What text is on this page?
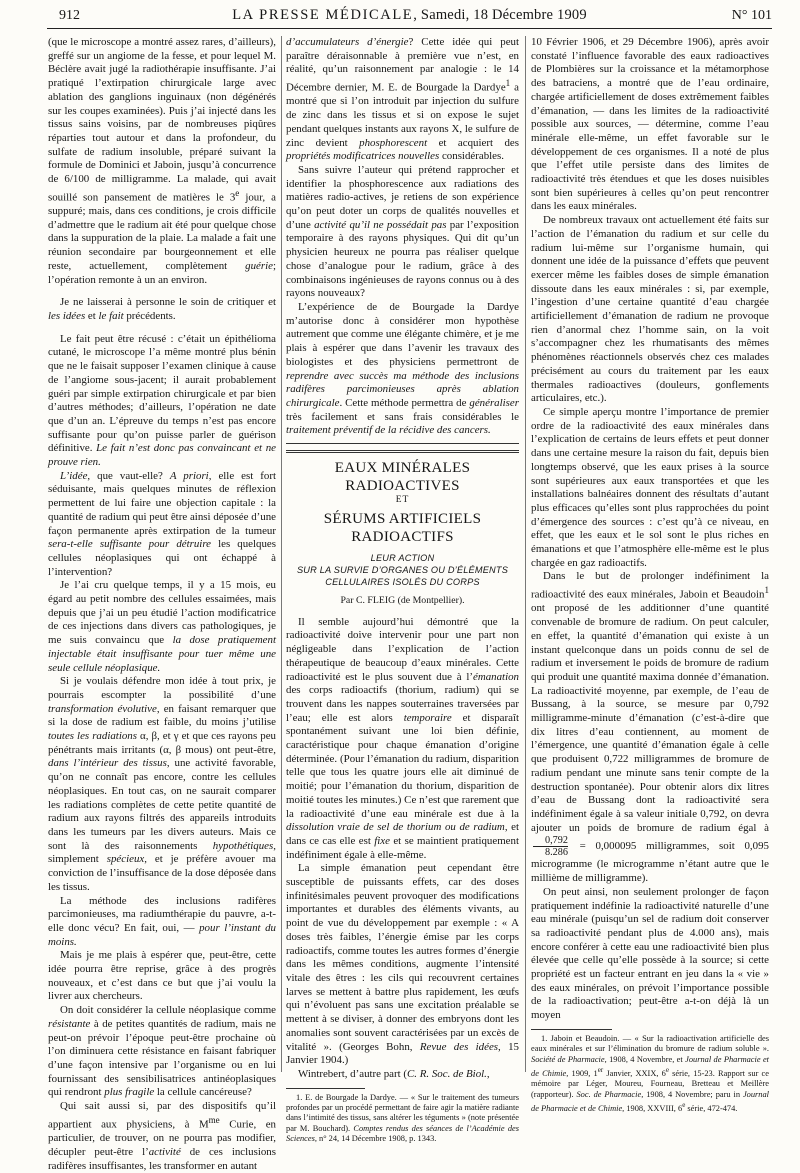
912	LA PRESSE MÉDICALE, Samedi, 18 Décembre 1909	N° 101

(que le microscope a montré assez rares, d’ailleurs), greffé sur un angiome de la fesse, et pour lequel M. Béclère avait jugé la radiothérapie insuffisante. J’ai pratiqué l’extirpation chirurgicale large avec ablation des ganglions inguinaux (non dégénérés sur les coupes examinées). Puis j’ai injecté dans les tissus sains voisins, par de nombreuses piqûres réparties tout autour et dans la profondeur, du sulfate de radium insoluble, préparé suivant la formule de Dominici et Jaboin, jusqu’à concurrence de 6/100 de milligramme. La malade, qui avait souillé son pansement de matières le 3e jour, a suppuré; mais, dans ces conditions, je crois difficile d’admettre que le radium ait été pour quelque chose dans la suppuration de la plaie. La malade a fait une réunion secondaire par bourgeonnement et elle reste, actuellement, complètement guérie; l’opération remonte à un an environ.

Je ne laisserai à personne le soin de critiquer et les idées et le fait précédents.

Le fait peut être récusé : c’était un épithélioma cutané, le microscope l’a même montré plus bénin que ne le faisait supposer l’examen clinique à cause de l’angiome sous-jacent; il aurait probablement guéri par simple extirpation chirurgicale et par bien d’autres méthodes; d’ailleurs, l’opération ne date que d’un an. L’épreuve du temps n’est pas encore suffisante pour qu’on puisse parler de guérison définitive. Le fait n’est donc pas convaincant et ne prouve rien.

L’idée, que vaut-elle? A priori, elle est fort séduisante, mais quelques minutes de réflexion permettent de lui faire une objection capitale : la quantité de radium qui peut être ainsi déposée d’une façon permanente après extirpation de la tumeur sera-t-elle suffisante pour détruire les quelques cellules néoplasiques qui ont échappé à l’intervention?

Je l’ai cru quelque temps, il y a 15 mois, eu égard au petit nombre des cellules essaimées, mais depuis que j’ai un peu étudié l’action modificatrice de ces injections dans divers cas pathologiques, je me suis convaincu que la dose pratiquement injectable était insuffisante pour tuer même une seule cellule néoplasique.

Si je voulais défendre mon idée à tout prix, je pourrais escompter la possibilité d’une transformation évolutive, en faisant remarquer que si la dose de radium est faible, du moins j’utilise toutes les radiations α, β, et γ et que ces rayons peu pénétrants mais irritants (α, β mous) ont peut-être, dans l’intérieur des tissus, une activité favorable, qu’on ne connaît pas encore, contre les cellules néoplasiques. En tout cas, on ne saurait comparer les radiations complètes de cette petite quantité de radium aux rayons filtrés des appareils introduits dans les tumeurs par les divers auteurs. Mais ce sont là des raisonnements hypothétiques, simplement spécieux, et je préfère avouer ma conviction de l’insuffisance de la dose déposée dans les tissus.

La méthode des inclusions radifères parcimonieuses, ma radiumthérapie du pauvre, a-t-elle donc vécu? En fait, oui, — pour l’instant du moins.

Mais je me plais à espérer que, peut-être, cette idée pourra être reprise, grâce à des progrès nouveaux, et c’est dans ce but que j’ai voulu la livrer aux chercheurs.

On doit considérer la cellule néoplasique comme résistante à de petites quantités de radium, mais ne peut-on prévoir l’époque peut-être prochaine où l’on diminuera cette résistance en faisant fabriquer d’une façon intensive par l’organisme ou en lui fournissant des sensibilisatrices antinéoplasiques qui rendront plus fragile la cellule cancéreuse?

Qui sait aussi si, par des dispositifs qu’il appartient aux physiciens, à $M^{me}$ Curie, en particulier, de trouver, on ne pourra pas modifier, décupler peut-être l’activité de ces inclusions radifères insuffisantes, les transformer en autant

d’accumulateurs d’énergie? Cette idée qui peut paraître déraisonnable à première vue n’est, en réalité, qu’un raisonnement par analogie : le 14 Décembre dernier, M. E. de Bourgade la Dardye$^1$ a montré que si l’on introduit par injection du sulfure de zinc dans les tissus et si on expose le sujet pendant quelques instants aux rayons X, le sulfure de zinc devient phosphorescent et acquiert des propriétés modificatrices nouvelles considérables.

Sans suivre l’auteur qui prétend rapprocher et identifier la phosphorescence aux radiations des matières radio-actives, je retiens de son expérience qu’on peut doter un corps de qualités nouvelles et d’une activité qu’il ne possédait pas par l’exposition temporaire à des rayons physiques. Qui dit qu’un physicien heureux ne pourra pas réaliser quelque chose d’analogue pour le radium, grâce à des combinaisons ingénieuses de rayons connus ou à des rayons nouveaux?

L’expérience de de Bourgade la Dardye m’autorise donc à considérer mon hypothèse autrement que comme une élégante chimère, et je me plais à espérer que dans l’avenir les travaux des biologistes et des physiciens permettront de reprendre avec succès ma méthode des inclusions radifères parcimonieuses après ablation chirurgicale. Cette méthode permettra de généraliser très facilement et sans frais considérables le traitement préventif de la récidive des cancers.

EAUX MINÉRALES RADIOACTIVES
ET
SÉRUMS ARTIFICIELS RADIOACTIFS
LEUR ACTION
SUR LA SURVIE D’ORGANES OU D’ÉLÉMENTS
CELLULAIRES ISOLÉS DU CORPS
Par C. FLEIG (de Montpellier).

Il semble aujourd’hui démontré que la radioactivité doive intervenir pour une part non négligeable dans l’explication de l’action thérapeutique de beaucoup d’eaux minérales. Cette radioactivité est le plus souvent due à l’émanation des corps radioactifs (thorium, radium) qui se trouvent dans les nappes souterraines traversées par l’eau; elle est alors temporaire et disparaît spontanément suivant une loi bien définie, caractéristique pour chaque émanation d’origine déterminée. (Pour l’émanation du radium, disparition telle que tous les quatre jours elle ait diminué de moitié; pour l’émanation du thorium, disparition de moitié toutes les minutes.) Ce n’est que rarement que la radioactivité d’une eau minérale est due à la dissolution vraie de sel de thorium ou de radium, et dans ce cas elle est fixe et se maintient pratiquement indéfiniment égale à elle-même.

La simple émanation peut cependant être susceptible de puissants effets, car des doses infinitésimales peuvent provoquer des modifications importantes et durables des éléments vivants, au point de vue du développement par exemple : « A doses très faibles, l’énergie émise par les corps radioactifs, comme toutes les autres formes d’énergie dans les mêmes conditions, augmente l’intensité vitale des êtres : les cils qui recouvrent certaines larves se mettent à battre plus rapidement, les œufs qui n’évoluent pas sans une excitation préalable se mettent à se diviser, à donner des embryons dont les anomalies sont souvent caractérisées par un excès de vitalité ». (Georges Bohn, Revue des idées, 15 Janvier 1904.)

Wintrebert, d’autre part (C. R. Soc. de Biol.,

1. E. de Bourgade la Dardye. — « Sur le traitement des tumeurs profondes par un procédé permettant de faire agir la matière radiante dans l’intimité des tissus, sans altérer les téguments » (note présentée par M. Bouchard). Comptes rendus des séances de l’Académie des Sciences, n° 24, 14 Décembre 1908, p. 1343.

10 Février 1906, et 29 Décembre 1906), après avoir constaté l’influence favorable des eaux radioactives de Plombières sur la croissance et la métamorphose des batraciens, a montré que de l’eau ordinaire, chargée artificiellement de doses extrêmement faibles d’émanation, — dans les limites de la radioactivité possible aux sources, — détermine, comme l’eau minérale elle-même, un effet favorable sur le développement de ces organismes. Il a noté de plus que l’effet utile persiste dans des limites de radioactivité très étendues et que les doses nuisibles sont bien supérieures à celles qu’on peut rencontrer dans les eaux minérales.

De nombreux travaux ont actuellement été faits sur l’action de l’émanation du radium et sur celle du radium lui-même sur l’organisme humain, qui donnent une idée de la puissance d’effets que peuvent exercer même les faibles doses de simple émanation dissoute dans les eaux minérales : si, par exemple, l’ingestion d’une certaine quantité d’eau chargée artificiellement d’émanation de radium ne provoque rien d’anormal chez l’homme sain, on la voit s’accompagner chez les rhumatisants des mêmes phénomènes réactionnels observés chez ces malades précisément au cours du traitement par les eaux thermales radioactives (douleurs, gonflements articulaires, etc.).

Ce simple aperçu montre l’importance de premier ordre de la radioactivité des eaux minérales dans l’explication de certains de leurs effets et peut donner dans une certaine mesure la raison du fait, depuis bien longtemps observé, que les eaux prises à la source sont supérieures aux eaux transportées et que les installations balnéaires donnent des résultats d’autant plus efficaces qu’elles sont plus rapprochées du point d’émergence des sources : c’est qu’à ce niveau, en effet, que les eaux et le sol sont le plus riches en émanations et que l’atmosphère elle-même est le plus chargée en gaz radioactifs.

Dans le but de prolonger indéfiniment la radioactivité des eaux minérales, Jaboin et Beaudoin$^1$ ont proposé de les additionner d’une quantité convenable de bromure de radium. On peut calculer, en effet, la quantité d’émanation qui existe à un instant quelconque dans un poids connu de sel de radium et inversement le poids de bromure de radium qui produit une quantité maxima donnée d’émanation. La radioactivité moyenne, par exemple, de l’eau de Bussang, à la source, se mesure par 0,792 milligramme-minute d’émanation (c’est-à-dire que dix litres d’eau contiennent, au moment de l’émergence, une quantité d’émanation égale à celle que produisent 0,722 milligrammes de bromure de radium pendant une minute sans tenir compte de la destruction spontanée). Pour obtenir alors dix litres d’eau de Bussang dont la radioactivité sera indéfiniment égale à sa valeur initiale 0,792, on devra ajouter un poids de bromure de radium égal à
$\frac{0,792}{8.286} = 0,000095$ milligrammes, soit 0,095 microgramme (le microgramme n’étant autre que le millième de milligramme).

On peut ainsi, non seulement prolonger de façon pratiquement indéfinie la radioactivité naturelle d’une eau minérale (puisqu’un sel de radium doit conserver sa radioactivité pendant plus de 4.000 ans), mais encore conférer à cette eau une radioactivité bien plus élevée que celle qu’elle possède à la source; si cette propriété est un facteur entrant en jeu dans la « vie » des eaux minérales, on prévoit l’importance possible de la radioactivation; peut-être a-t-on déjà là un moyen

1. Jaboin et Beaudoin. — « Sur la radioactivation artificielle des eaux minérales et sur l’élimination du bromure de radium soluble ». Société de Pharmacie, 1908, 4 Novembre, et Journal de Pharmacie et de Chimie, 1909, 1er Janvier, XXIX, 6e série, 15-23. Rapport sur ce mémoire par Léger, Moureu, Fourneau, Bretteau et Meillère (rapporteur). Soc. de Pharmacie, 1908, 4 Novembre; paru in Journal de Pharmacie et de Chimie, 1908, XXVIII, 6e série, 472-474.
